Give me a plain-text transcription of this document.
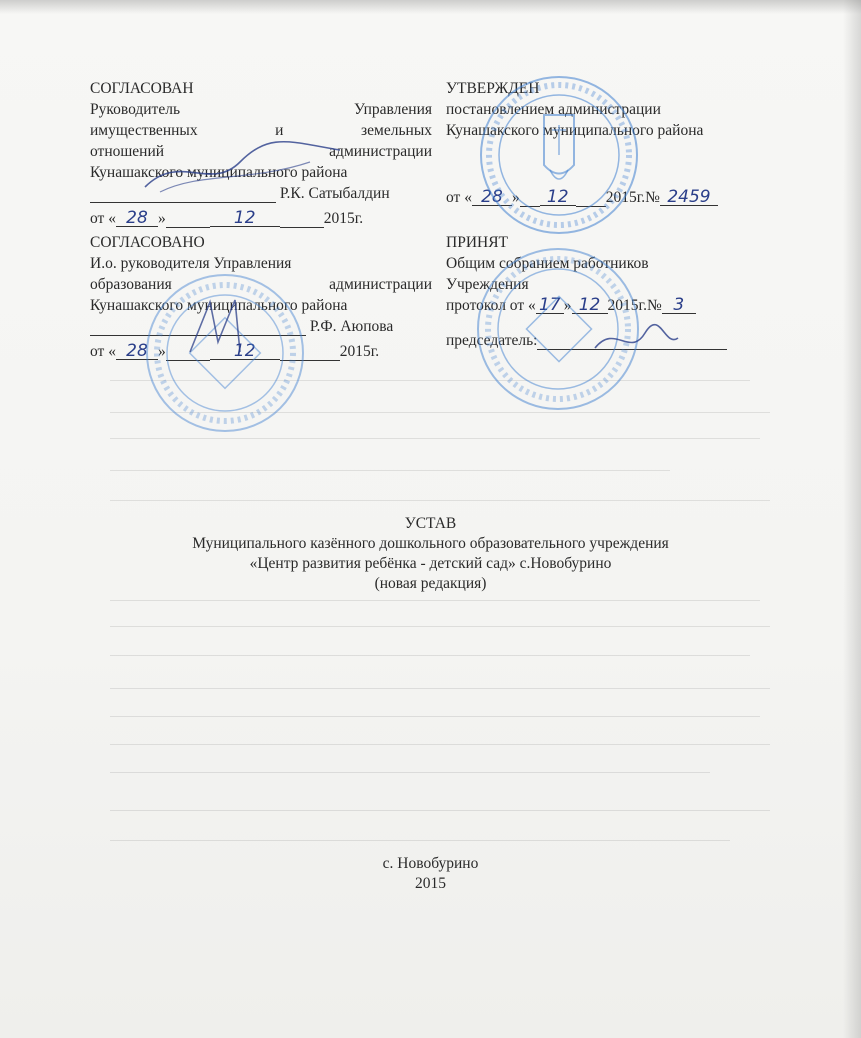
СОГЛАСОВАН
Руководитель	Управления
имущественных	и	земельных
отношений	администрации
Кунашакского муниципального района
Р.К. Сатыбалдин
от « 28 »	12	2015г.
УТВЕРЖДЕН
постановлением администрации
Кунашакского муниципального района
от « 28 » 12 2015г.№ 2459
СОГЛАСОВАНО
И.о. руководителя Управления
образования	администрации
Кунашакского муниципального района
Р.Ф. Аюпова
от « 28 »	12	2015г.
ПРИНЯТ
Общим собранием работников
Учреждения
протокол от « 17 » 12 2015г.№ 3
председатель:
УСТАВ
Муниципального казённого дошкольного образовательного учреждения
«Центр развития ребёнка - детский сад» с.Новобурино
(новая редакция)
с. Новобурино
2015
